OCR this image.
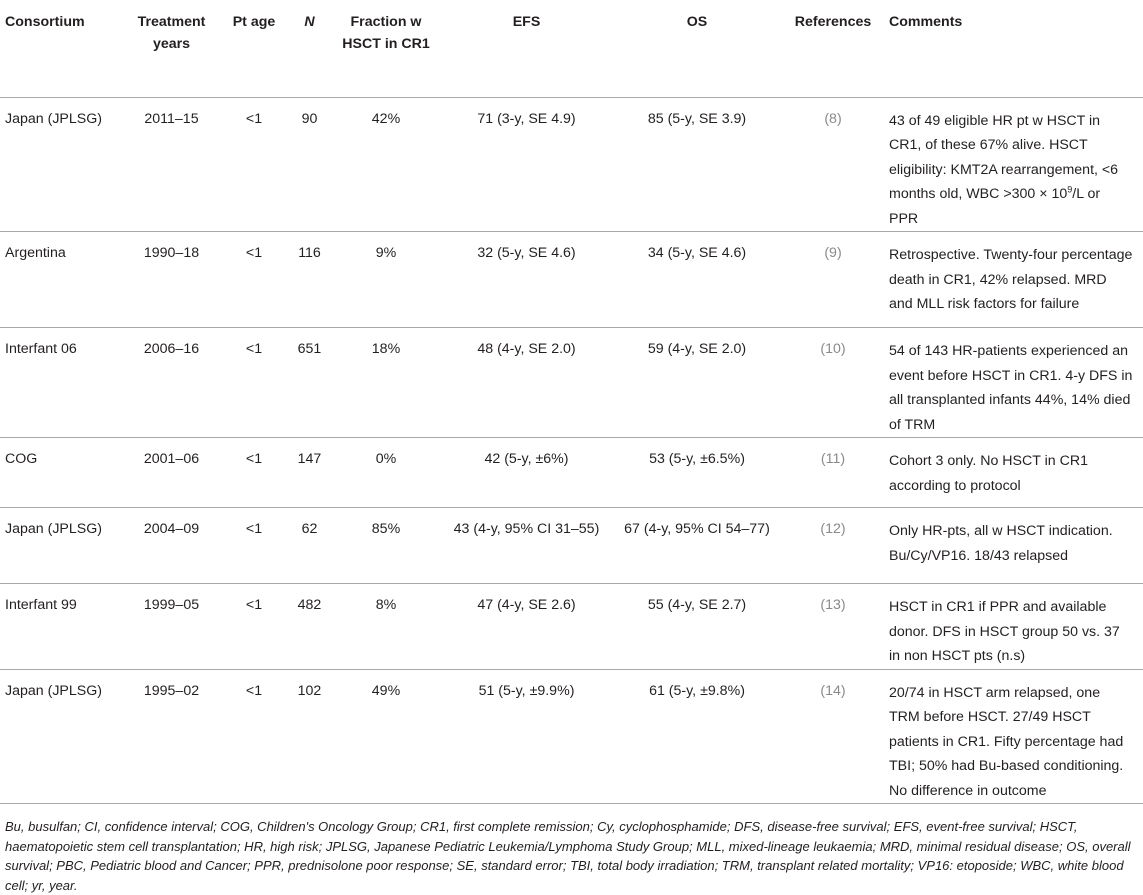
Consortium	Treatment years	Pt age	N	Fraction w HSCT in CR1	EFS	OS	References	Comments
Japan (JPLSG)	2011–15	<1	90	42%	71 (3-y, SE 4.9)	85 (5-y, SE 3.9)	(8)	43 of 49 eligible HR pt w HSCT in CR1, of these 67% alive. HSCT eligibility: KMT2A rearrangement, <6 months old, WBC $>300 \times 10^9/L$ or PPR
Argentina	1990–18	<1	116	9%	32 (5-y, SE 4.6)	34 (5-y, SE 4.6)	(9)	Retrospective. Twenty-four percentage death in CR1, 42% relapsed. MRD and MLL risk factors for failure
Interfant 06	2006–16	<1	651	18%	48 (4-y, SE 2.0)	59 (4-y, SE 2.0)	(10)	54 of 143 HR-patients experienced an event before HSCT in CR1. 4-y DFS in all transplanted infants 44%, 14% died of TRM
COG	2001–06	<1	147	0%	42 (5-y, ±6%)	53 (5-y, ±6.5%)	(11)	Cohort 3 only. No HSCT in CR1 according to protocol
Japan (JPLSG)	2004–09	<1	62	85%	43 (4-y, 95% CI 31–55)	67 (4-y, 95% CI 54–77)	(12)	Only HR-pts, all w HSCT indication. Bu/Cy/VP16. 18/43 relapsed
Interfant 99	1999–05	<1	482	8%	47 (4-y, SE 2.6)	55 (4-y, SE 2.7)	(13)	HSCT in CR1 if PPR and available donor. DFS in HSCT group 50 vs. 37 in non HSCT pts (n.s)
Japan (JPLSG)	1995–02	<1	102	49%	51 (5-y, ±9.9%)	61 (5-y, ±9.8%)	(14)	20/74 in HSCT arm relapsed, one TRM before HSCT. 27/49 HSCT patients in CR1. Fifty percentage had TBI; 50% had Bu-based conditioning. No difference in outcome
Bu, busulfan; CI, confidence interval; COG, Children's Oncology Group; CR1, first complete remission; Cy, cyclophosphamide; DFS, disease-free survival; EFS, event-free survival; HSCT, haematopoietic stem cell transplantation; HR, high risk; JPLSG, Japanese Pediatric Leukemia/Lymphoma Study Group; MLL, mixed-lineage leukaemia; MRD, minimal residual disease; OS, overall survival; PBC, Pediatric blood and Cancer; PPR, prednisolone poor response; SE, standard error; TBI, total body irradiation; TRM, transplant related mortality; VP16: etoposide; WBC, white blood cell; yr, year.
